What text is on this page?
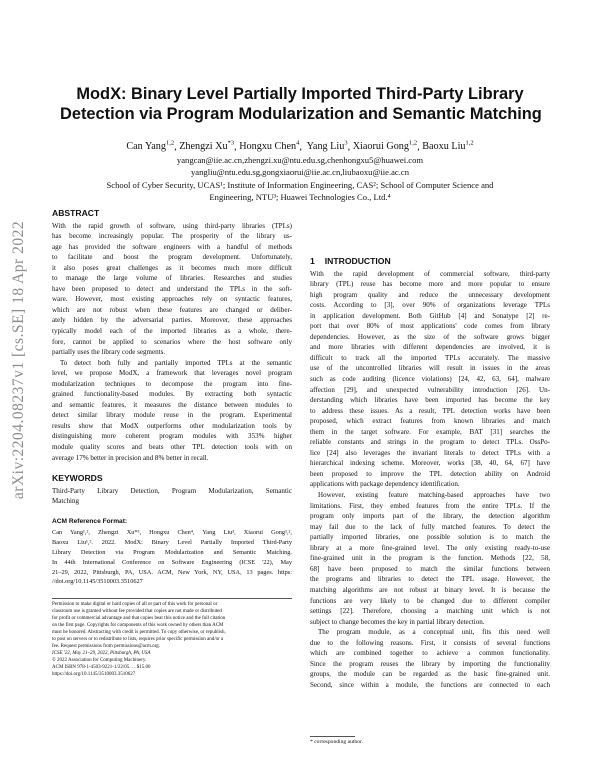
arXiv:2204.08237v1 [cs.SE] 18 Apr 2022
ModX: Binary Level Partially Imported Third-Party Library
Detection via Program Modularization and Semantic Matching
Can Yang$^{1,2}$, Zhengzi Xu$^{*3}$, Hongxu Chen$^4$,  Yang Liu$^3$, Xiaorui Gong$^{1,2}$, Baoxu Liu$^{1,2}$
yangcan@iie.ac.cn,zhengzi.xu@ntu.edu.sg,chenhongxu5@huawei.com
yangliu@ntu.edu.sg,gongxiaorui@iie.ac.cn,liubaoxu@iie.ac.cn
School of Cyber Security, UCAS¹; Institute of Information Engineering, CAS²; School of Computer Science and
Engineering, NTU³; Huawei Technologies Co., Ltd.⁴
ABSTRACT
With the rapid growth of software, using third-party libraries (TPLs)
has become increasingly popular. The prosperity of the library us-
age has provided the software engineers with a handful of methods
to facilitate and boost the program development. Unfortunately,
it also poses great challenges as it becomes much more difficult
to manage the large volume of libraries. Researches and studies
have been proposed to detect and understand the TPLs in the soft-
ware. However, most existing approaches rely on syntactic features,
which are not robust when these features are changed or deliber-
ately hidden by the adversarial parties. Moreover, these approaches
typically model each of the imported libraries as a whole, there-
fore, cannot be applied to scenarios where the host software only
partially uses the library code segments.
To detect both fully and partially imported TPLs at the semantic
level, we propose ModX, a framework that leverages novel program
modularization techniques to decompose the program into fine-
grained functionality-based modules. By extracting both syntactic
and semantic features, it measures the distance between modules to
detect similar library module reuse in the program. Experimental
results show that ModX outperforms other modularization tools by
distinguishing more coherent program modules with 353% higher
module quality scores and beats other TPL detection tools with on
average 17% better in precision and 8% better in recall.
KEYWORDS
Third-Party Library Detection, Program Modularization, Semantic
Matching
ACM Reference Format:
Can Yang¹,², Zhengzi Xu*³, Hongxu Chen⁴, Yang Liu³, Xiaorui Gong¹,²,
Baoxu Liu¹,². 2022. ModX: Binary Level Partially Imported Third-Party
Library Detection via Program Modularization and Semantic Matching.
In 44th International Conference on Software Engineering (ICSE '22), May
21–29, 2022, Pittsburgh, PA, USA. ACM, New York, NY, USA, 13 pages. https:
//doi.org/10.1145/3510003.3510627
Permission to make digital or hard copies of all or part of this work for personal or
classroom use is granted without fee provided that copies are not made or distributed
for profit or commercial advantage and that copies bear this notice and the full citation
on the first page. Copyrights for components of this work owned by others than ACM
must be honored. Abstracting with credit is permitted. To copy otherwise, or republish,
to post on servers or to redistribute to lists, requires prior specific permission and/or a
fee. Request permissions from permissions@acm.org.
ICSE '22, May 21–29, 2022, Pittsburgh, PA, USA
© 2022 Association for Computing Machinery.
ACM ISBN 978-1-4503-9221-1/22/05. . . $15.00
https://doi.org/10.1145/3510003.3510627
1 INTRODUCTION
With the rapid development of commercial software, third-party
library (TPL) reuse has become more and more popular to ensure
high program quality and reduce the unnecessary development
costs. According to [3], over 90% of organizations leverage TPLs
in application development. Both GitHub [4] and Sonatype [2] re-
port that over 80% of most applications' code comes from library
dependencies. However, as the size of the software grows bigger
and more libraries with different dependencies are involved, it is
difficult to track all the imported TPLs accurately. The massive
use of the uncontrolled libraries will result in issues in the areas
such as code auditing (licence violations) [24, 42, 63, 64], malware
affection [29], and unexpected vulnerability introduction [26]. Un-
derstanding which libraries have been imported has become the key
to address these issues. As a result, TPL detection works have been
proposed, which extract features from known libraries and match
them in the target software. For example, BAT [31] searches the
reliable constants and strings in the program to detect TPLs. OssPo-
lice [24] also leverages the invariant literals to detect TPLs with a
hierarchical indexing scheme. Moreover, works [38, 40, 64, 67] have
been proposed to improve the TPL detection ability on Android
applications with package dependency identification.
However, existing feature matching-based approaches have two
limitations. First, they embed features from the entire TPLs. If the
program only imports part of the library, the detection algorithm
may fail due to the lack of fully matched features. To detect the
partially imported libraries, one possible solution is to match the
library at a more fine-grained level. The only existing ready-to-use
fine-grained unit in the program is the function. Methods [22, 58,
68] have been proposed to match the similar functions between
the programs and libraries to detect the TPL usage. However, the
matching algorithms are not robust at binary level. It is because the
functions are very likely to be changed due to different compiler
settings [22]. Therefore, choosing a matching unit which is not
subject to change becomes the key in partial library detection.
The program module, as a conceptual unit, fits this need well
due to the following reasons. First, it consists of several functions
which are combined together to achieve a common functionality.
Since the program reuses the library by importing the functionality
groups, the module can be regarded as the basic fine-grained unit.
Second, since within a module, the functions are connected to each
* corresponding author.
